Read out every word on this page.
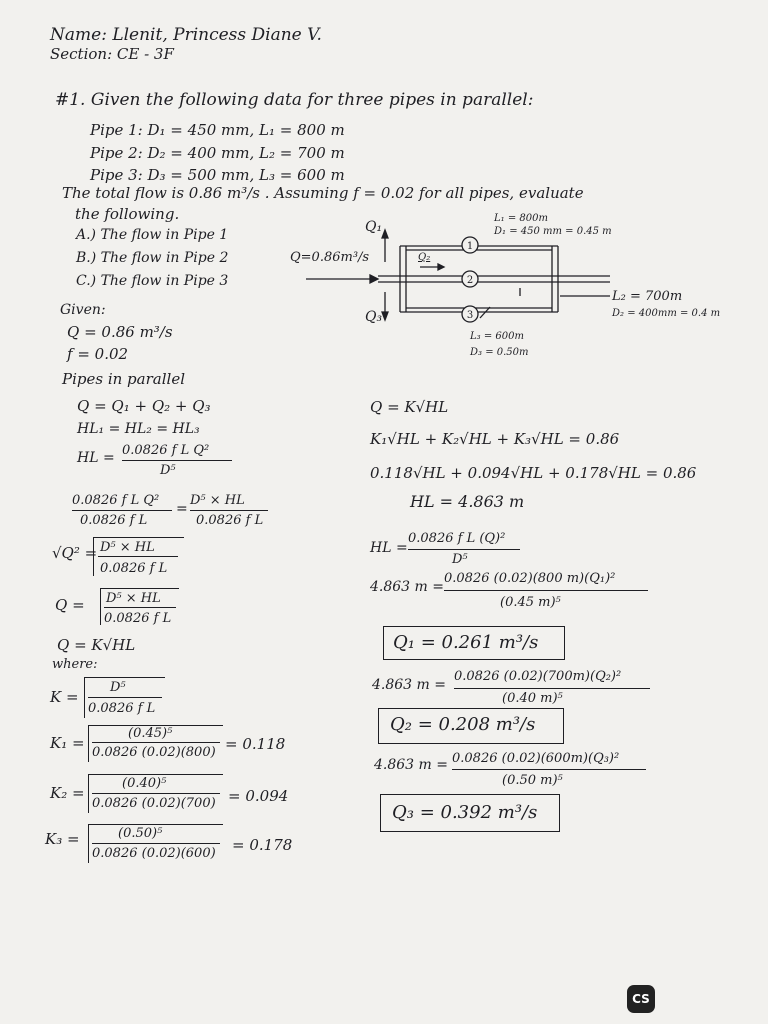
Name: Llenit, Princess Diane V.
Section: CE - 3F
#1. Given the following data for three pipes in parallel:
Pipe 1: D₁ = 450 mm, L₁ = 800 m
Pipe 2: D₂ = 400 mm, L₂ = 700 m
Pipe 3: D₃ = 500 mm, L₃ = 600 m
The total flow is 0.86 m³/s . Assuming f = 0.02 for all pipes, evaluate
the following.
A.) The flow in Pipe 1
B.) The flow in Pipe 2
C.) The flow in Pipe 3
1
2
3
Q₁
Q=0.86m³/s	Q₂
Q₃
L₁ = 800m
D₁ = 450 mm = 0.45 m
L₂ = 700m
D₂ = 400mm = 0.4 m
L₃ = 600m
D₃ = 0.50m
Given:
Q = 0.86 m³/s
f = 0.02
Pipes in parallel
Q = Q₁ + Q₂ + Q₃
HL₁ = HL₂ = HL₃
HL = 0.0826 f L Q²
D⁵
0.0826 f L Q²
0.0826 f L
=
D⁵ × HL
0.0826 f L
√Q² = D⁵ × HL
0.0826 f L
Q = D⁵ × HL
0.0826 f L
Q = K√HL
where:
K =
D⁵
0.0826 f L
K₁ =
(0.45)⁵
0.0826 (0.02)(800) = 0.118
K₂ =
(0.40)⁵
0.0826 (0.02)(700) = 0.094
K₃ =	(0.50)⁵
0.0826 (0.02)(600) = 0.178
Q = K√HL
K₁√HL + K₂√HL + K₃√HL = 0.86
0.118√HL + 0.094√HL + 0.178√HL = 0.86
HL = 4.863 m
HL =
0.0826 f L (Q)²
D⁵
4.863 m =
0.0826 (0.02)(800 m)(Q₁)²
(0.45 m)⁵
Q₁ = 0.261 m³/s
4.863 m =
0.0826 (0.02)(700m)(Q₂)²
(0.40 m)⁵
Q₂ = 0.208 m³/s
4.863 m = 0.0826 (0.02)(600m)(Q₃)²
(0.50 m)⁵
Q₃ = 0.392 m³/s
CS
